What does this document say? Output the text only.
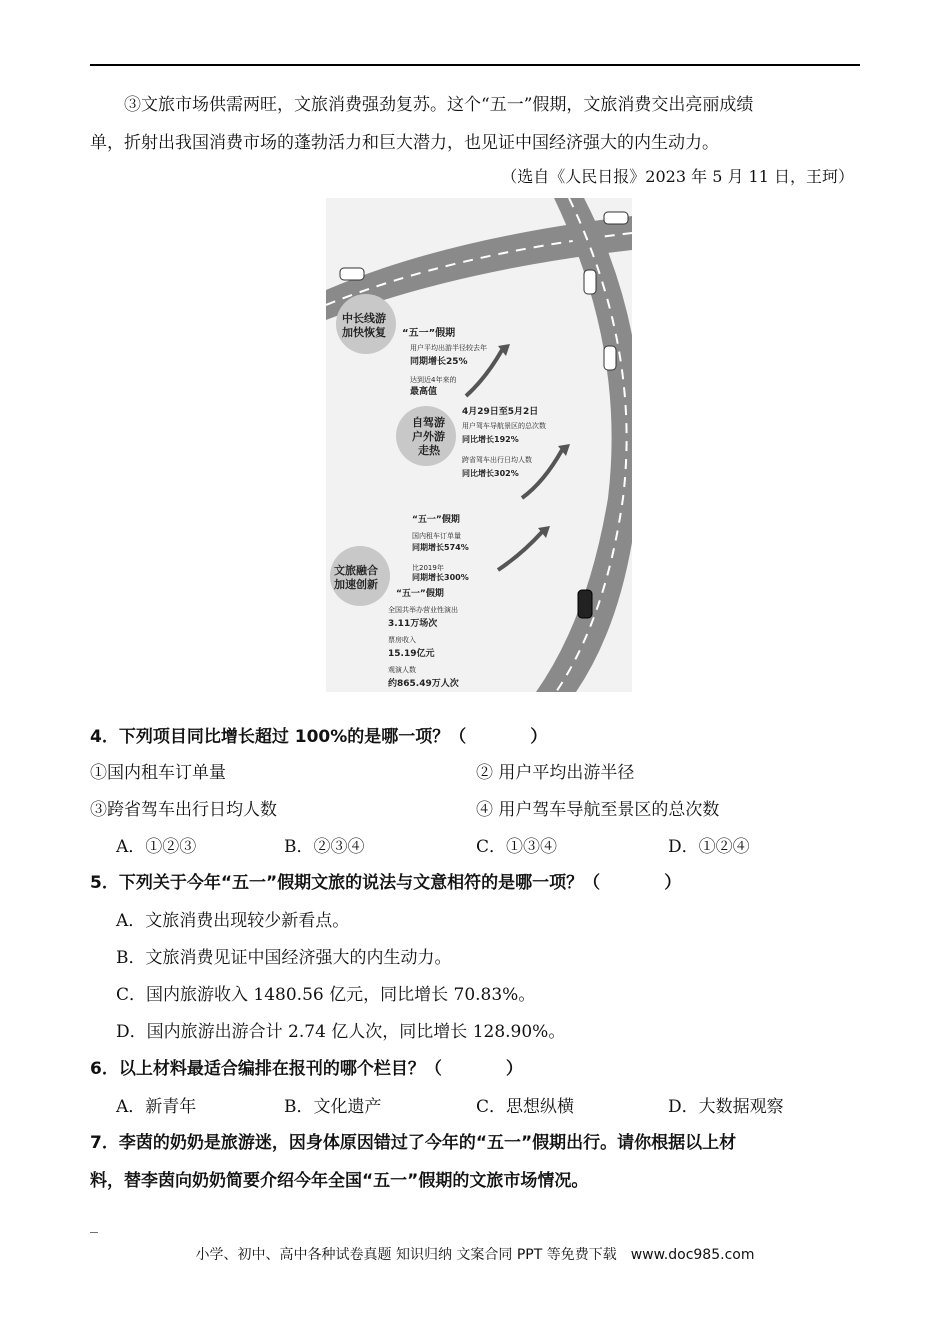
③文旅市场供需两旺，文旅消费强劲复苏。这个“五一”假期，文旅消费交出亮丽成绩
单，折射出我国消费市场的蓬勃活力和巨大潜力，也见证中国经济强大的内生动力。
（选自《人民日报》2023 年 5 月 11 日，王珂）
中长线游
加快恢复 “五一”假期
用户平均出游半径较去年
同期增长25%
达到近4年来的
最高值
自驾游
户外游
走热
4月29日至5月2日
用户驾车导航景区的总次数
同比增长192%
跨省驾车出行日均人数
同比增长302%
“五一”假期
国内租车订单量
同期增长574%
比2019年
同期增长300%
文旅融合
加速创新
“五一”假期
全国共举办营业性演出
3.11万场次
票房收入
15.19亿元
观演人数
约865.49万人次
4．下列项目同比增长超过 100%的是哪一项？（	）
①国内租车订单量	② 用户平均出游半径
③跨省驾车出行日均人数	④ 用户驾车导航至景区的总次数
A．①②③	B．②③④	C．①③④	D．①②④
5．下列关于今年“五一”假期文旅的说法与文意相符的是哪一项？（	）
A．文旅消费出现较少新看点。
B．文旅消费见证中国经济强大的内生动力。
C．国内旅游收入 1480.56 亿元，同比增长 70.83%。
D．国内旅游出游合计 2.74 亿人次，同比增长 128.90%。
6．以上材料最适合编排在报刊的哪个栏目？（	）
A．新青年	B．文化遗产	C．思想纵横	D．大数据观察
7．李茵的奶奶是旅游迷，因身体原因错过了今年的“五一”假期出行。请你根据以上材
料，替李茵向奶奶简要介绍今年全国“五一”假期的文旅市场情况。
_
小学、初中、高中各种试卷真题 知识归纳 文案合同 PPT 等免费下载　www.doc985.com
